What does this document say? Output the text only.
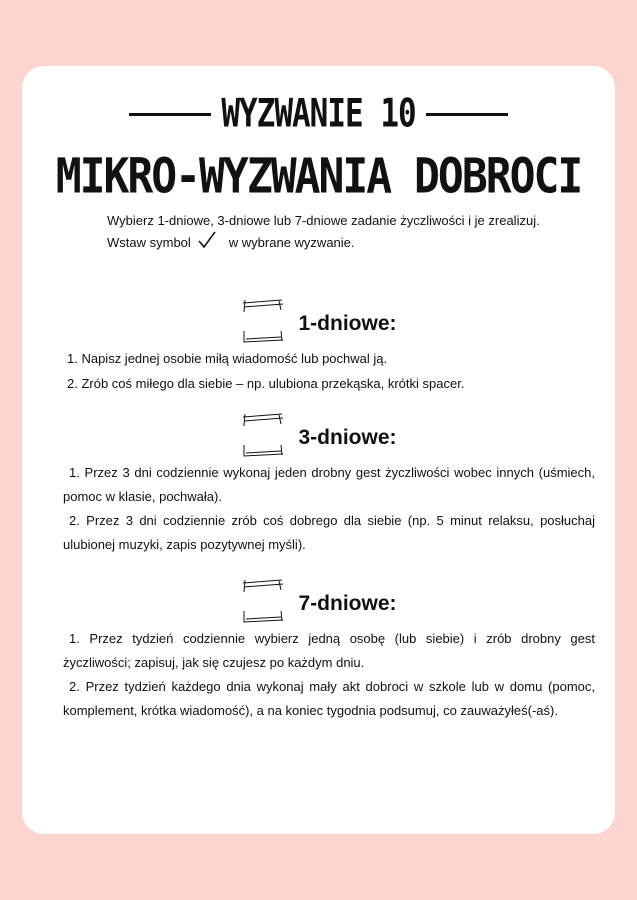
WYZWANIE 10
MIKRO-WYZWANIA DOBROCI
Wybierz 1-dniowe, 3-dniowe lub 7-dniowe zadanie życzliwości i je zrealizuj.
Wstaw symbol	w wybrane wyzwanie.
1-dniowe:

1. Napisz jednej osobie miłą wiadomość lub pochwal ją.

2. Zrób coś miłego dla siebie – np. ulubiona przekąska, krótki spacer.

3-dniowe:

1. Przez 3 dni codziennie wykonaj jeden drobny gest życzliwości wobec innych (uśmiech, pomoc w klasie, pochwała).

2. Przez 3 dni codziennie zrób coś dobrego dla siebie (np. 5 minut relaksu, posłuchaj ulubionej muzyki, zapis pozytywnej myśli).

7-dniowe:

1. Przez tydzień codziennie wybierz jedną osobę (lub siebie) i zrób drobny gest życzliwości; zapisuj, jak się czujesz po każdym dniu.

2. Przez tydzień każdego dnia wykonaj mały akt dobroci w szkole lub w domu (pomoc, komplement, krótka wiadomość), a na koniec tygodnia podsumuj, co zauważyłeś(-aś).
